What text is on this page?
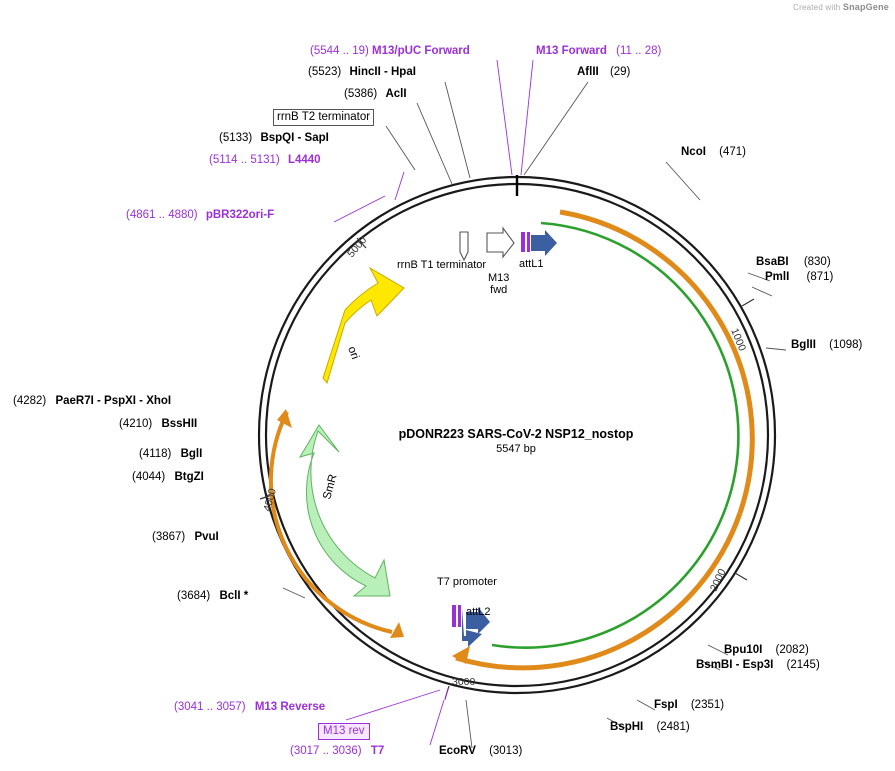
Created with SnapGene
1000
2000
3000
4000
5000
ori
SmR
pDONR223 SARS-CoV-2 NSP12_nostop
5547 bp
attL1
M13
fwd
rrnB T1 terminator
T7 promoter
attL2
(5544 .. 19) M13/pUC Forward	M13 Forward (11 .. 28)
(5523) HincII - HpaI	AflII (29)
(5386) AclI
rrnB T2 terminator
(5133) BspQI - SapI
(5114 .. 5131) L4440
(4861 .. 4880) pBR322ori-F
NcoI (471)
BsaBI (830)
PmlI (871)
BglII (1098)
(4282) PaeR7I - PspXI - XhoI
(4210) BssHII
(4118) BglI
(4044) BtgZI
(3867) PvuI
(3684) BclI *
Bpu10I (2082)
BsmBI - Esp3I (2145)
FspI (2351)
BspHI (2481)
(3041 .. 3057) M13 Reverse
M13 rev
(3017 .. 3036) T7	EcoRV (3013)
